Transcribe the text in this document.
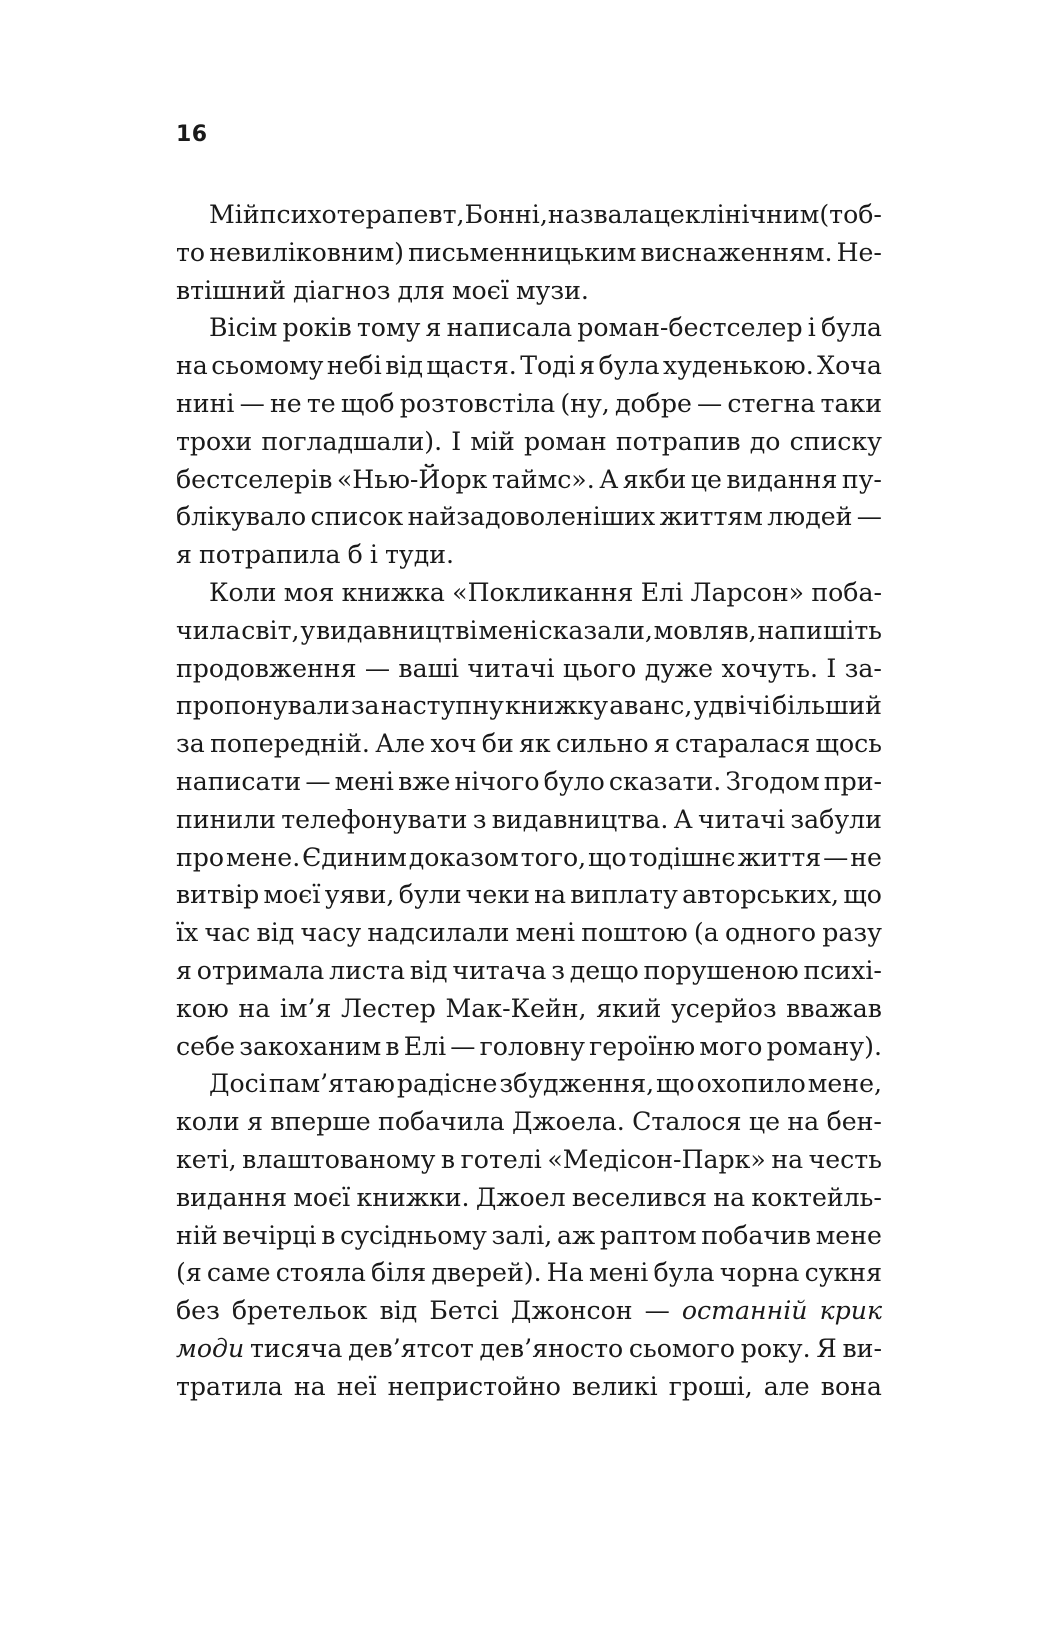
16
Мій психотерапевт, Бонні, назвала це клінічним (тоб-
то невиліковним) письменницьким виснаженням. Не-
втішний діагноз для моєї музи.
Вісім років тому я написала роман-бестселер і була
на сьомому небі від щастя. Тоді я була худенькою. Хоча
нині — не те щоб розтовстіла (ну, добре — стегна таки
трохи погладшали). І мій роман потрапив до списку
бестселерів «Нью-Йорк таймс». А якби це видання пу-
блікувало список найзадоволеніших життям людей —
я потрапила б і туди.
Коли моя книжка «Покликання Елі Ларсон» поба-
чила світ, у видавництві мені сказали, мовляв, напишіть
продовження — ваші читачі цього дуже хочуть. І за-
пропонували за наступну книжку аванс, удвічі більший
за попередній. Але хоч би як сильно я старалася щось
написати — мені вже нічого було сказати. Згодом при-
пинили телефонувати з видавництва. А читачі забули
про мене. Єдиним доказом того, що тодішнє життя — не
витвір моєї уяви, були чеки на виплату авторських, що
їх час від часу надсилали мені поштою (а одного разу
я отримала листа від читача з дещо порушеною психі-
кою на ім’я Лестер Мак-Кейн, який усерйоз вважав
себе закоханим в Елі — головну героїню мого роману).
Досі пам’ятаю радісне збудження, що охопило мене,
коли я вперше побачила Джоела. Сталося це на бен-
кеті, влаштованому в готелі «Медісон-Парк» на честь
видання моєї книжки. Джоел веселився на коктейль-
ній вечірці в сусідньому залі, аж раптом побачив мене
(я саме стояла біля дверей). На мені була чорна сукня
без бретельок від Бетсі Джонсон — останній крик
моди тисяча дев’ятсот дев’яносто сьомого року. Я ви-
тратила на неї непристойно великі гроші, але вона
